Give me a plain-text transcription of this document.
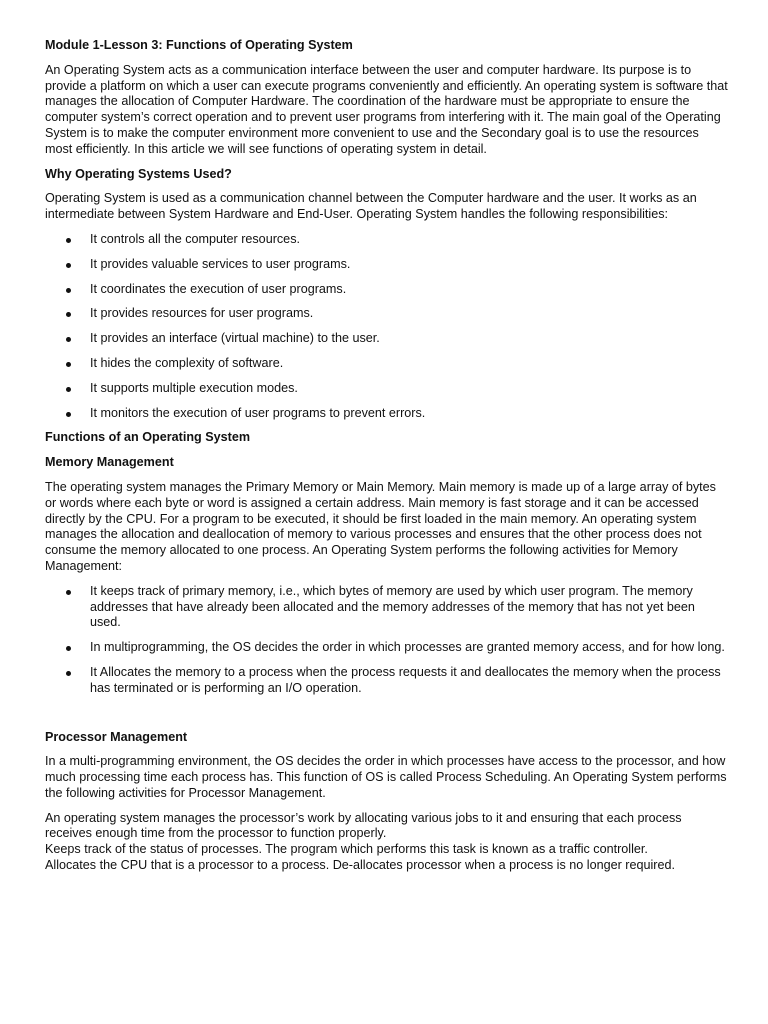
Module 1-Lesson 3: Functions of Operating System
An Operating System acts as a communication interface between the user and computer hardware. Its purpose is to provide a platform on which a user can execute programs conveniently and efficiently. An operating system is software that manages the allocation of Computer Hardware. The coordination of the hardware must be appropriate to ensure the computer system’s correct operation and to prevent user programs from interfering with it. The main goal of the Operating System is to make the computer environment more convenient to use and the Secondary goal is to use the resources most efficiently. In this article we will see functions of operating system in detail.
Why Operating Systems Used?
Operating System is used as a communication channel between the Computer hardware and the user. It works as an intermediate between System Hardware and End-User. Operating System handles the following responsibilities:
It controls all the computer resources.
It provides valuable services to user programs.
It coordinates the execution of user programs.
It provides resources for user programs.
It provides an interface (virtual machine) to the user.
It hides the complexity of software.
It supports multiple execution modes.
It monitors the execution of user programs to prevent errors.
Functions of an Operating System
Memory Management
The operating system manages the Primary Memory or Main Memory. Main memory is made up of a large array of bytes or words where each byte or word is assigned a certain address. Main memory is fast storage and it can be accessed directly by the CPU. For a program to be executed, it should be first loaded in the main memory. An operating system manages the allocation and deallocation of memory to various processes and ensures that the other process does not consume the memory allocated to one process. An Operating System performs the following activities for Memory Management:
It keeps track of primary memory, i.e., which bytes of memory are used by which user program. The memory addresses that have already been allocated and the memory addresses of the memory that has not yet been used.
In multiprogramming, the OS decides the order in which processes are granted memory access, and for how long.
It Allocates the memory to a process when the process requests it and deallocates the memory when the process has terminated or is performing an I/O operation.
Processor Management
In a multi-programming environment, the OS decides the order in which processes have access to the processor, and how much processing time each process has. This function of OS is called Process Scheduling. An Operating System performs the following activities for Processor Management.
An operating system manages the processor’s work by allocating various jobs to it and ensuring that each process receives enough time from the processor to function properly.
Keeps track of the status of processes. The program which performs this task is known as a traffic controller.
Allocates the CPU that is a processor to a process. De-allocates processor when a process is no longer required.
